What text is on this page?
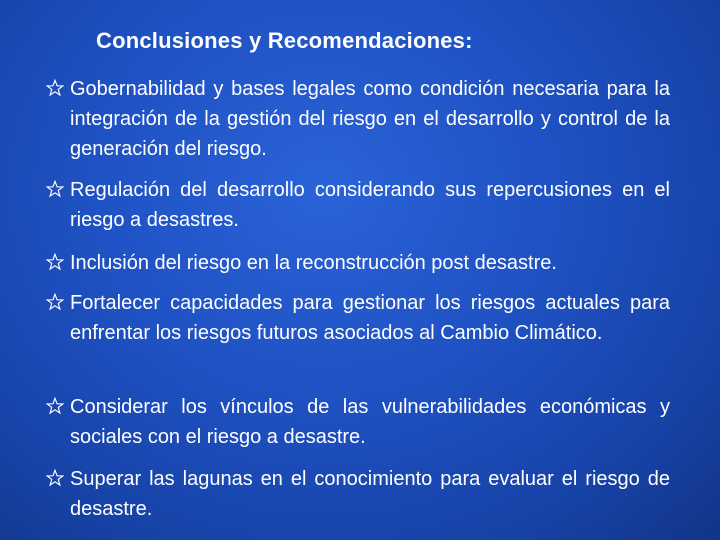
Conclusiones y Recomendaciones:
Gobernabilidad y bases legales como condición necesaria para la integración de la gestión del riesgo en el desarrollo y control de la generación del riesgo.
Regulación del desarrollo considerando sus repercusiones en el riesgo a desastres.
Inclusión del riesgo en la reconstrucción post desastre.
Fortalecer capacidades para gestionar los riesgos actuales para enfrentar los riesgos futuros asociados al Cambio Climático.
Considerar los vínculos de las vulnerabilidades económicas y sociales con el riesgo a desastre.
Superar las lagunas en el conocimiento para evaluar el riesgo de desastre.
